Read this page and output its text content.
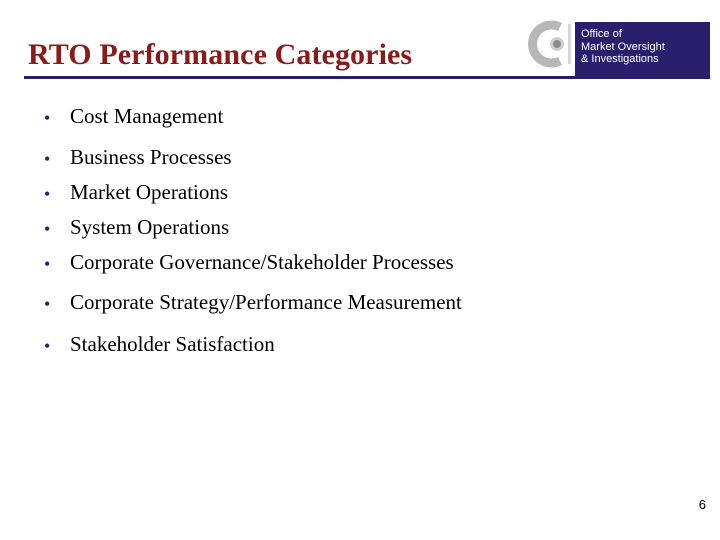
RTO Performance Categories
Office of
Market Oversight
& Investigations
• Cost Management
• Business Processes
• Market Operations
• System Operations
• Corporate Governance/Stakeholder Processes
• Corporate Strategy/Performance Measurement
• Stakeholder Satisfaction
6
